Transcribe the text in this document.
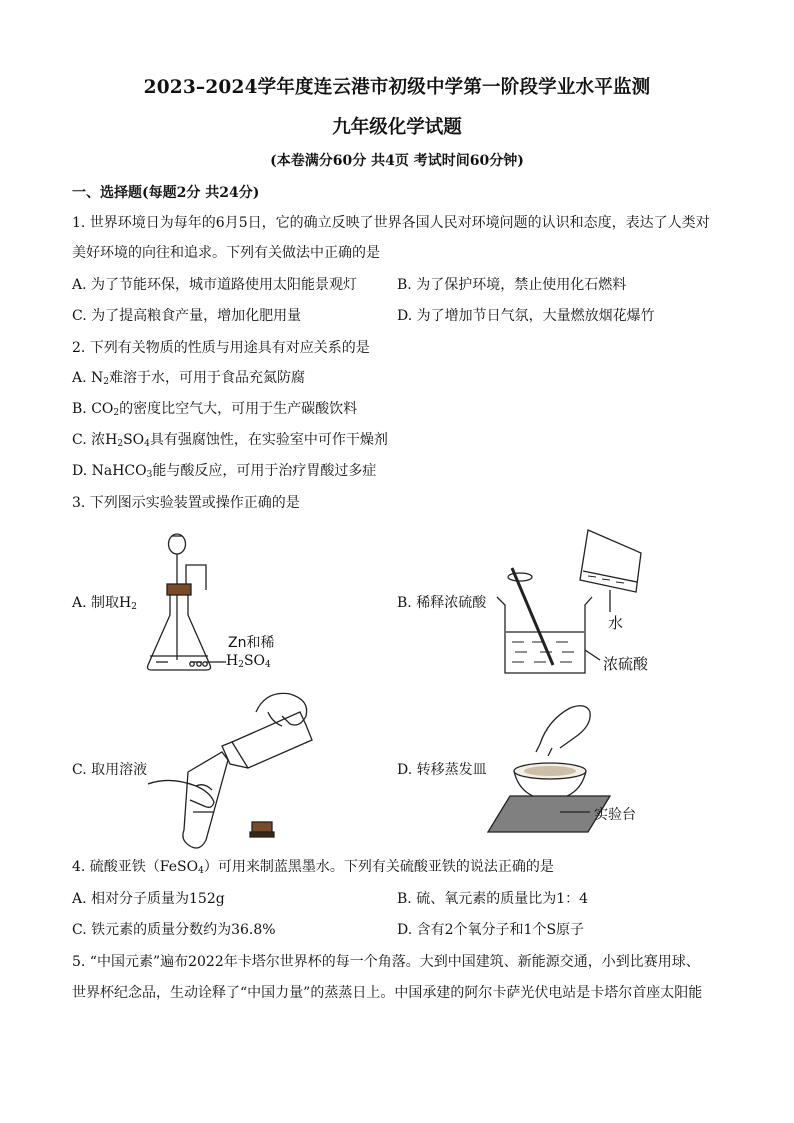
2023–2024学年度连云港市初级中学第一阶段学业水平监测
九年级化学试题
(本卷满分60分 共4页 考试时间60分钟)
一、选择题(每题2分 共24分)
1. 世界环境日为每年的6月5日，它的确立反映了世界各国人民对环境问题的认识和态度，表达了人类对
美好环境的向往和追求。下列有关做法中正确的是
A. 为了节能环保，城市道路使用太阳能景观灯	B. 为了保护环境，禁止使用化石燃料
C. 为了提高粮食产量，增加化肥用量	D. 为了增加节日气氛，大量燃放烟花爆竹
2. 下列有关物质的性质与用途具有对应关系的是
A. $N_2$难溶于水，可用于食品充氮防腐
B. $CO_2$的密度比空气大，可用于生产碳酸饮料
C. 浓$H_2SO_4$具有强腐蚀性，在实验室中可作干燥剂
D. NaHCO$_3$能与酸反应，可用于治疗胃酸过多症
3. 下列图示实验装置或操作正确的是
A. 制取$H_2$
Zn和稀
$H_2SO_4$
B. 稀释浓硫酸
水
浓硫酸
C. 取用溶液	D. 转移蒸发皿
实验台
4. 硫酸亚铁（FeSO$_4$）可用来制蓝黑墨水。下列有关硫酸亚铁的说法正确的是
A. 相对分子质量为152g	B. 硫、氧元素的质量比为1：4
C. 铁元素的质量分数约为36.8%	D. 含有2个氧分子和1个S原子
5. “中国元素”遍布2022年卡塔尔世界杯的每一个角落。大到中国建筑、新能源交通，小到比赛用球、
世界杯纪念品，生动诠释了“中国力量”的蒸蒸日上。中国承建的阿尔卡萨光伏电站是卡塔尔首座太阳能
